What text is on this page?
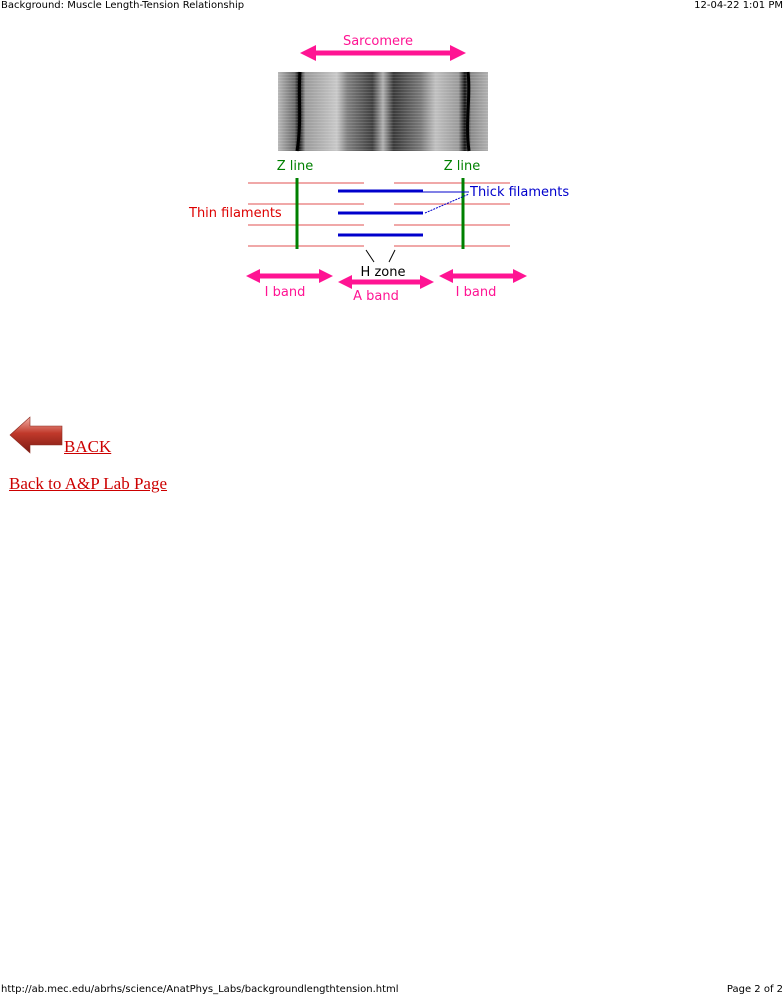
Background: Muscle Length-Tension Relationship	12-04-22 1:01 PM
Sarcomere
Z line	Z line
Thick filaments
Thin filaments
H zone
I band	A band	I band
BACK
Back to A&P Lab Page
http://ab.mec.edu/abrhs/science/AnatPhys_Labs/backgroundlengthtension.html	Page 2 of 2
